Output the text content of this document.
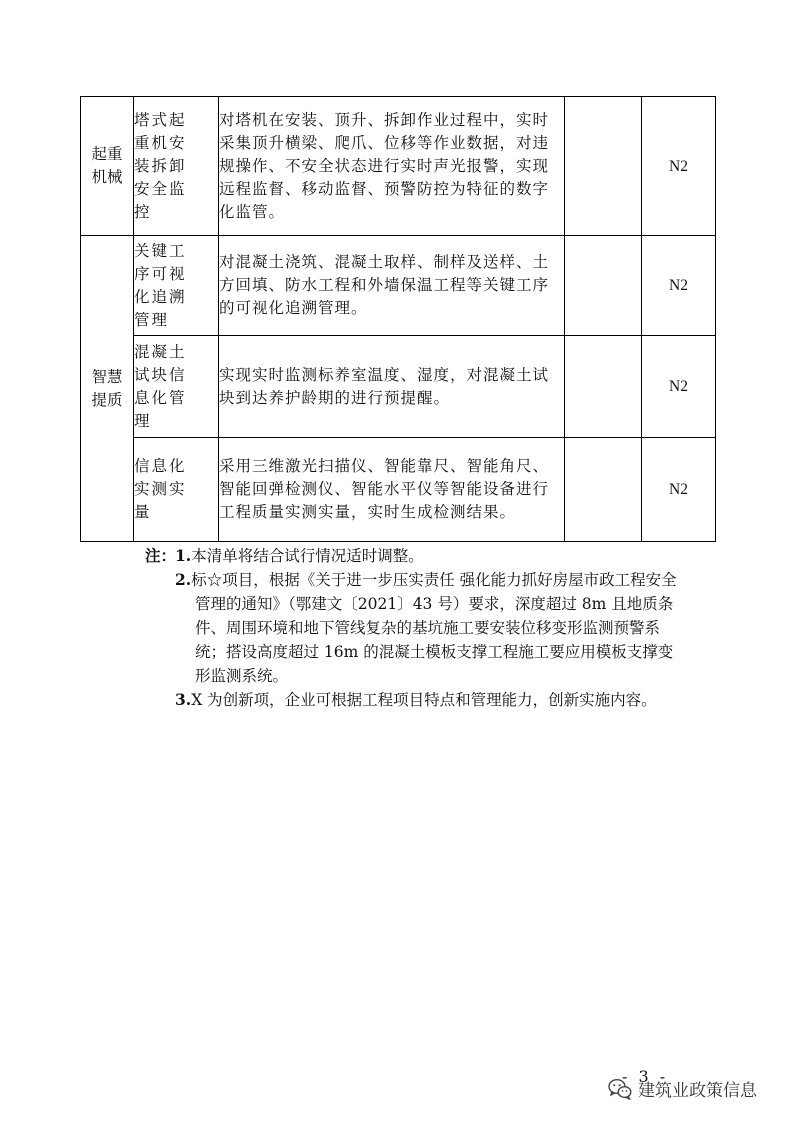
起重
机械	塔式起
重机安
装拆卸
安全监
控	对塔机在安装、顶升、拆卸作业过程中，实时采集顶升横梁、爬爪、位移等作业数据，对违规操作、不安全状态进行实时声光报警，实现远程监督、移动监督、预警防控为特征的数字化监管。		N2
智慧
提质	关键工
序可视
化追溯
管理	对混凝土浇筑、混凝土取样、制样及送样、土方回填、防水工程和外墙保温工程等关键工序的可视化追溯管理。		N2
	混凝土
试块信
息化管
理	实现实时监测标养室温度、湿度，对混凝土试块到达养护龄期的进行预提醒。		N2
	信息化
实测实
量	采用三维激光扫描仪、智能靠尺、智能角尺、智能回弹检测仪、智能水平仪等智能设备进行工程质量实测实量，实时生成检测结果。		N2
注：
1.本清单将结合试行情况适时调整。
2.标☆项目，根据《关于进一步压实责任 强化能力抓好房屋市政工程安全管理的通知》（鄂建文〔2021〕43 号）要求，深度超过 8m 且地质条件、周围环境和地下管线复杂的基坑施工要安装位移变形监测预警系统；搭设高度超过 16m 的混凝土模板支撑工程施工要应用模板支撑变形监测系统。
3.X 为创新项，企业可根据工程项目特点和管理能力，创新实施内容。
- 3 -
建筑业政策信息
